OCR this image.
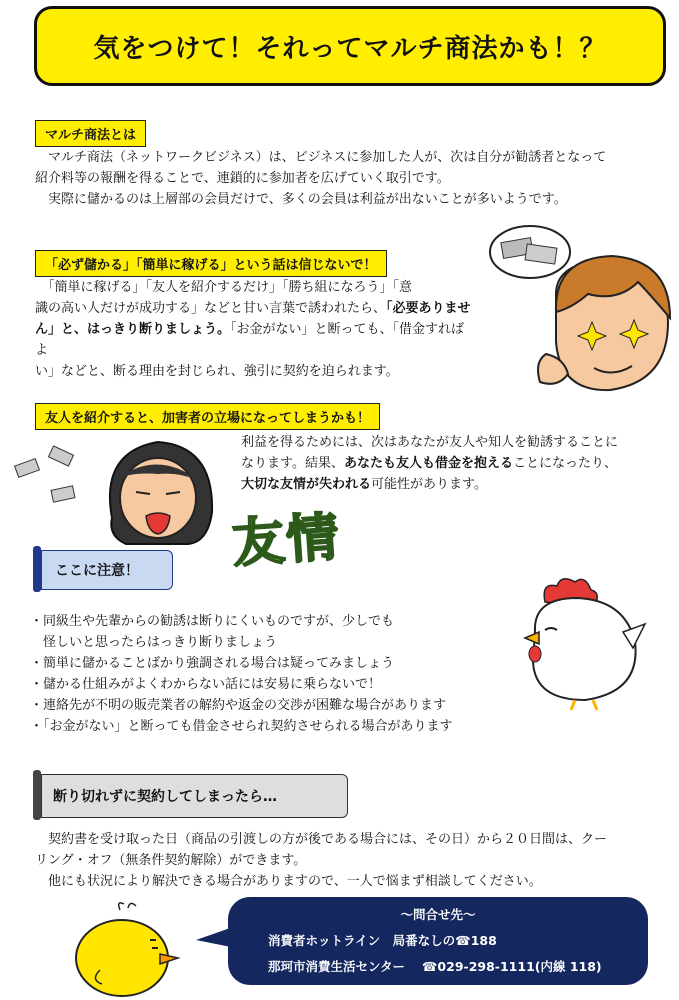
気をつけて！それってマルチ商法かも！？
マルチ商法とは

　マルチ商法（ネットワークビジネス）は、ビジネスに参加した人が、次は自分が勧誘者となって

紹介料等の報酬を得ることで、連鎖的に参加者を広げていく取引です。

　実際に儲かるのは上層部の会員だけで、多くの会員は利益が出ないことが多いようです。

「必ず儲かる」「簡単に稼げる」という話は信じないで！

　「簡単に稼げる」「友人を紹介するだけ」「勝ち組になろう」「意

識の高い人だけが成功する」などと甘い言葉で誘われたら、「必要ありませ

ん」と、はっきり断りましょう。「お金がない」と断っても、「借金すればよ

い」などと、断る理由を封じられ、強引に契約を迫られます。

友人を紹介すると、加害者の立場になってしまうかも！

利益を得るためには、次はあなたが友人や知人を勧誘することに

なります。結果、あなたも友人も借金を抱えることになったり、

大切な友情が失われる可能性があります。

友情
ここに注意！
・同級生や先輩からの勧誘は断りにくいものですが、少しでも
　怪しいと思ったらはっきり断りましょう
・簡単に儲かることばかり強調される場合は疑ってみましょう
・儲かる仕組みがよくわからない話には安易に乗らないで！
・連絡先が不明の販売業者の解約や返金の交渉が困難な場合があります
・「お金がない」と断っても借金させられ契約させられる場合があります
断り切れずに契約してしまったら…

　契約書を受け取った日（商品の引渡しの方が後である場合には、その日）から２０日間は、クー

リング・オフ（無条件契約解除）ができます。

　他にも状況により解決できる場合がありますので、一人で悩まず相談してください。

～問合せ先～
消費者ホットライン　局番なしの☎188
那珂市消費生活センター　 ☎029-298-1111(内線 118)
